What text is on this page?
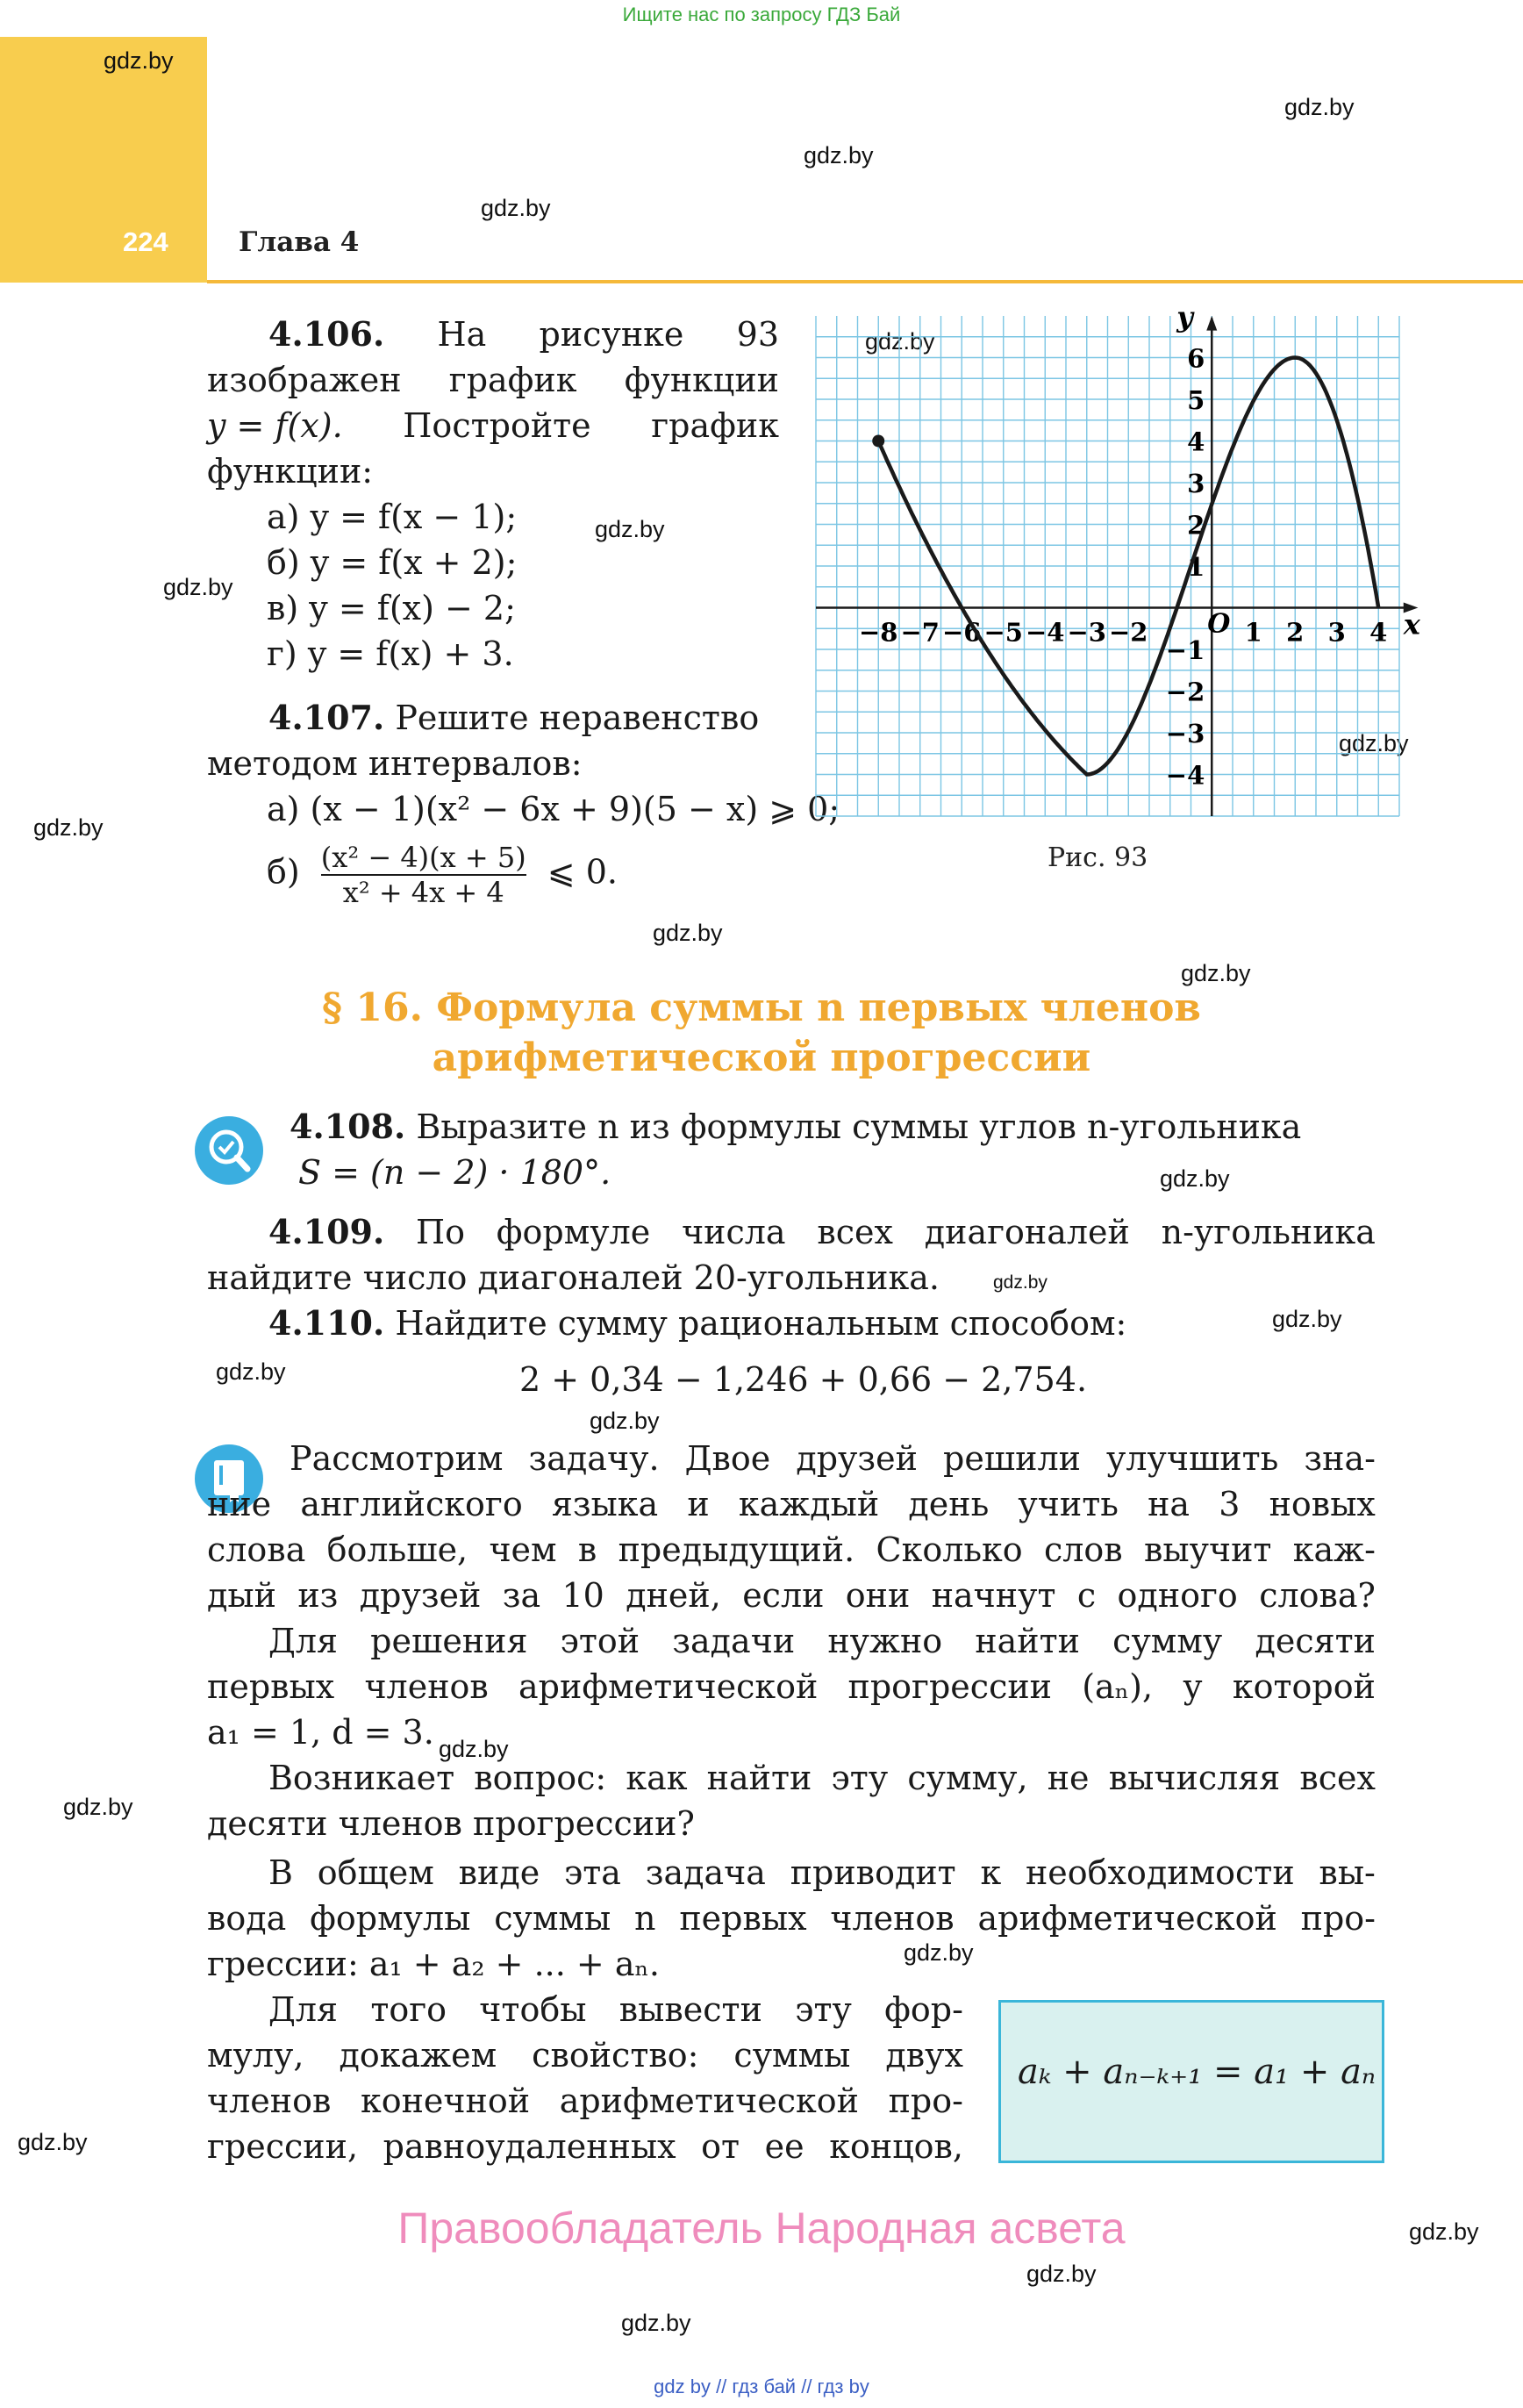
Ищите нас по запросу ГДЗ Бай
224	Глава 4
gdz.by
gdz.by
gdz.by
gdz.by
gdz.by
gdz.by
gdz.by
gdz.by
gdz.by
gdz.by
gdz.by
gdz.by
gdz.by
gdz.by
gdz.by
gdz.by
gdz.by
gdz.by
gdz.by
gdz.by
gdz.by
gdz.by
gdz.by
4.106. На рисунке 93
изображен график функции
y = f(x). Постройте график
функции:
а) y = f(x − 1);
б) y = f(x + 2);
в) y = f(x) − 2;
г) y = f(x) + 3.
4.107. Решите неравенство
методом интервалов:
а) (x − 1)(x² − 6x + 9)(5 − x) ⩾ 0;
$б) \frac{\text{(x² − 4)(x + 5)}}{\text{x² + 4x + 4}}$ ⩽ 0.
−8 −7 −6 −5 −4 −3 −2	1 2 3 4
6
5
4
3
2
1
−1
−2
−3
−4
x
y
O
Рис. 93
§ 16. Формула суммы n первых членов
арифметической прогрессии
4.108. Выразите n из формулы суммы углов n-угольника
S = (n − 2) · 180°.
4.109. По формуле числа всех диагоналей n-угольника
найдите число диагоналей 20-угольника.
4.110. Найдите сумму рациональным способом:
2 + 0,34 − 1,246 + 0,66 − 2,754.
Рассмотрим задачу. Двое друзей решили улучшить зна-
ние английского языка и каждый день учить на 3 новых
слова больше, чем в предыдущий. Сколько слов выучит каж-
дый из друзей за 10 дней, если они начнут с одного слова?
Для решения этой задачи нужно найти сумму десяти
первых членов арифметической прогрессии (aₙ), у которой
a₁ = 1, d = 3.
Возникает вопрос: как найти эту сумму, не вычисляя всех
десяти членов прогрессии?
В общем виде эта задача приводит к необходимости вы-
вода формулы суммы n первых членов арифметической про-
грессии: a₁ + a₂ + ... + aₙ.
Для того чтобы вывести эту фор-
мулу, докажем свойство: суммы двух
членов конечной арифметической про-
грессии, равноудаленных от ее концов,
aₖ + aₙ₋ₖ₊₁ = a₁ + aₙ
Правообладатель Народная асвета
gdz by // гдз бай // гдз by
